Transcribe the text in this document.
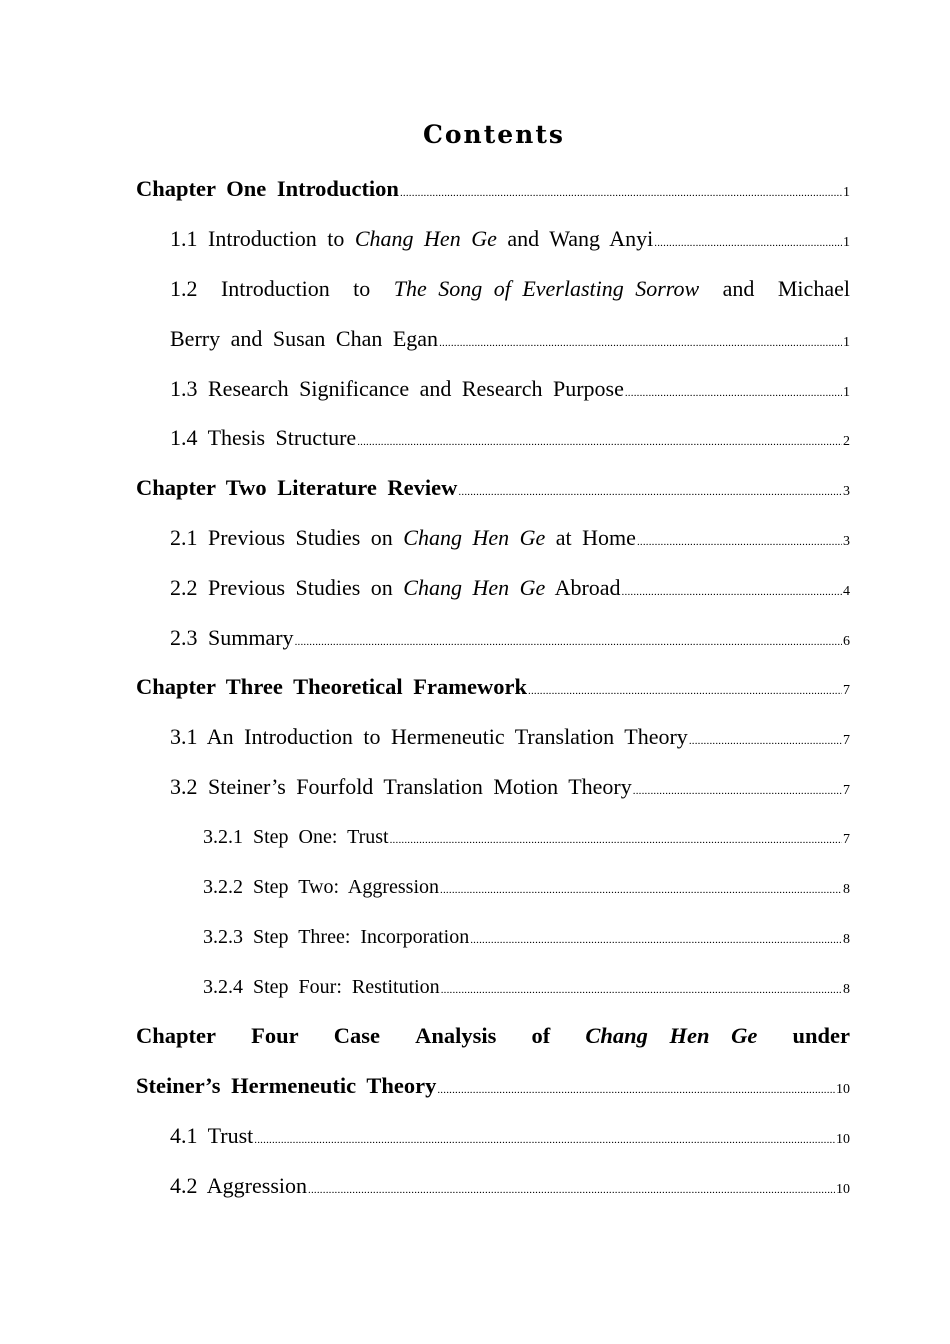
Contents
Chapter One Introduction .....	1
1.1 Introduction to Chang Hen Ge and Wang Anyi .....	1
1.2 Introduction to The Song of Everlasting Sorrow and Michael
Berry and Susan Chan Egan .....	1
1.3 Research Significance and Research Purpose .....	1
1.4 Thesis Structure .....	2
Chapter Two Literature Review .....	3
2.1 Previous Studies on Chang Hen Ge at Home .....	3
2.2 Previous Studies on Chang Hen Ge Abroad .....	4
2.3 Summary .....	6
Chapter Three Theoretical Framework .....	7
3.1 An Introduction to Hermeneutic Translation Theory .....	7
3.2 Steiner’s Fourfold Translation Motion Theory .....	7
3.2.1 Step One: Trust .....	7
3.2.2 Step Two: Aggression .....	8
3.2.3 Step Three: Incorporation .....	8
3.2.4 Step Four: Restitution .....	8
Chapter Four Case Analysis of Chang Hen Ge under
Steiner’s Hermeneutic Theory .....	10
4.1 Trust .....	10
4.2 Aggression .....	10
